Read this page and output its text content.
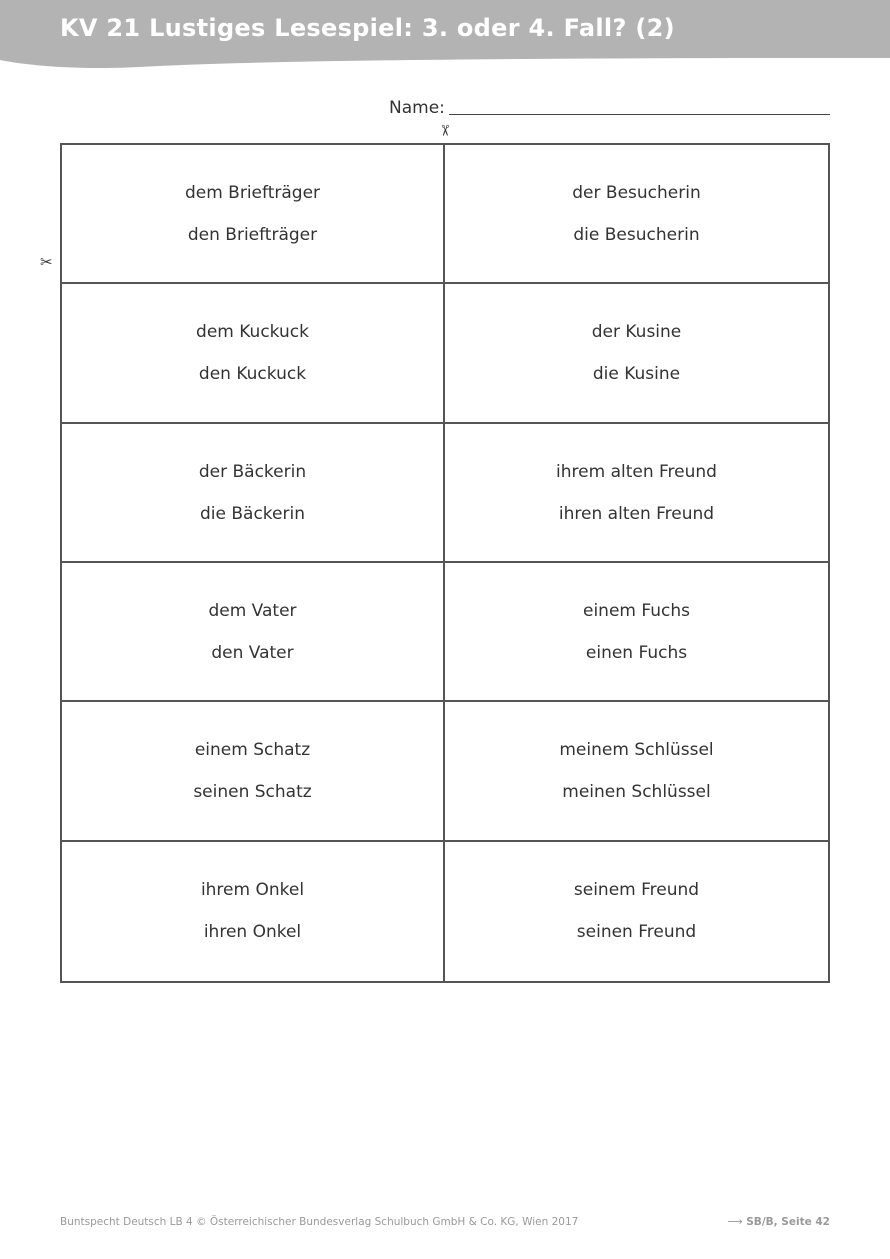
KV 21 Lustiges Lesespiel: 3. oder 4. Fall? (2)
Name:
✂
✂
dem Briefträger
den Briefträger
der Besucherin
die Besucherin
dem Kuckuck
den Kuckuck
der Kusine
die Kusine
der Bäckerin
die Bäckerin
ihrem alten Freund
ihren alten Freund
dem Vater
den Vater
einem Fuchs
einen Fuchs
einem Schatz
seinen Schatz
meinem Schlüssel
meinen Schlüssel
ihrem Onkel
ihren Onkel
seinem Freund
seinen Freund
Buntspecht Deutsch LB 4 © Österreichischer Bundesverlag Schulbuch GmbH & Co. KG, Wien 2017	⟶ SB/B, Seite 42
